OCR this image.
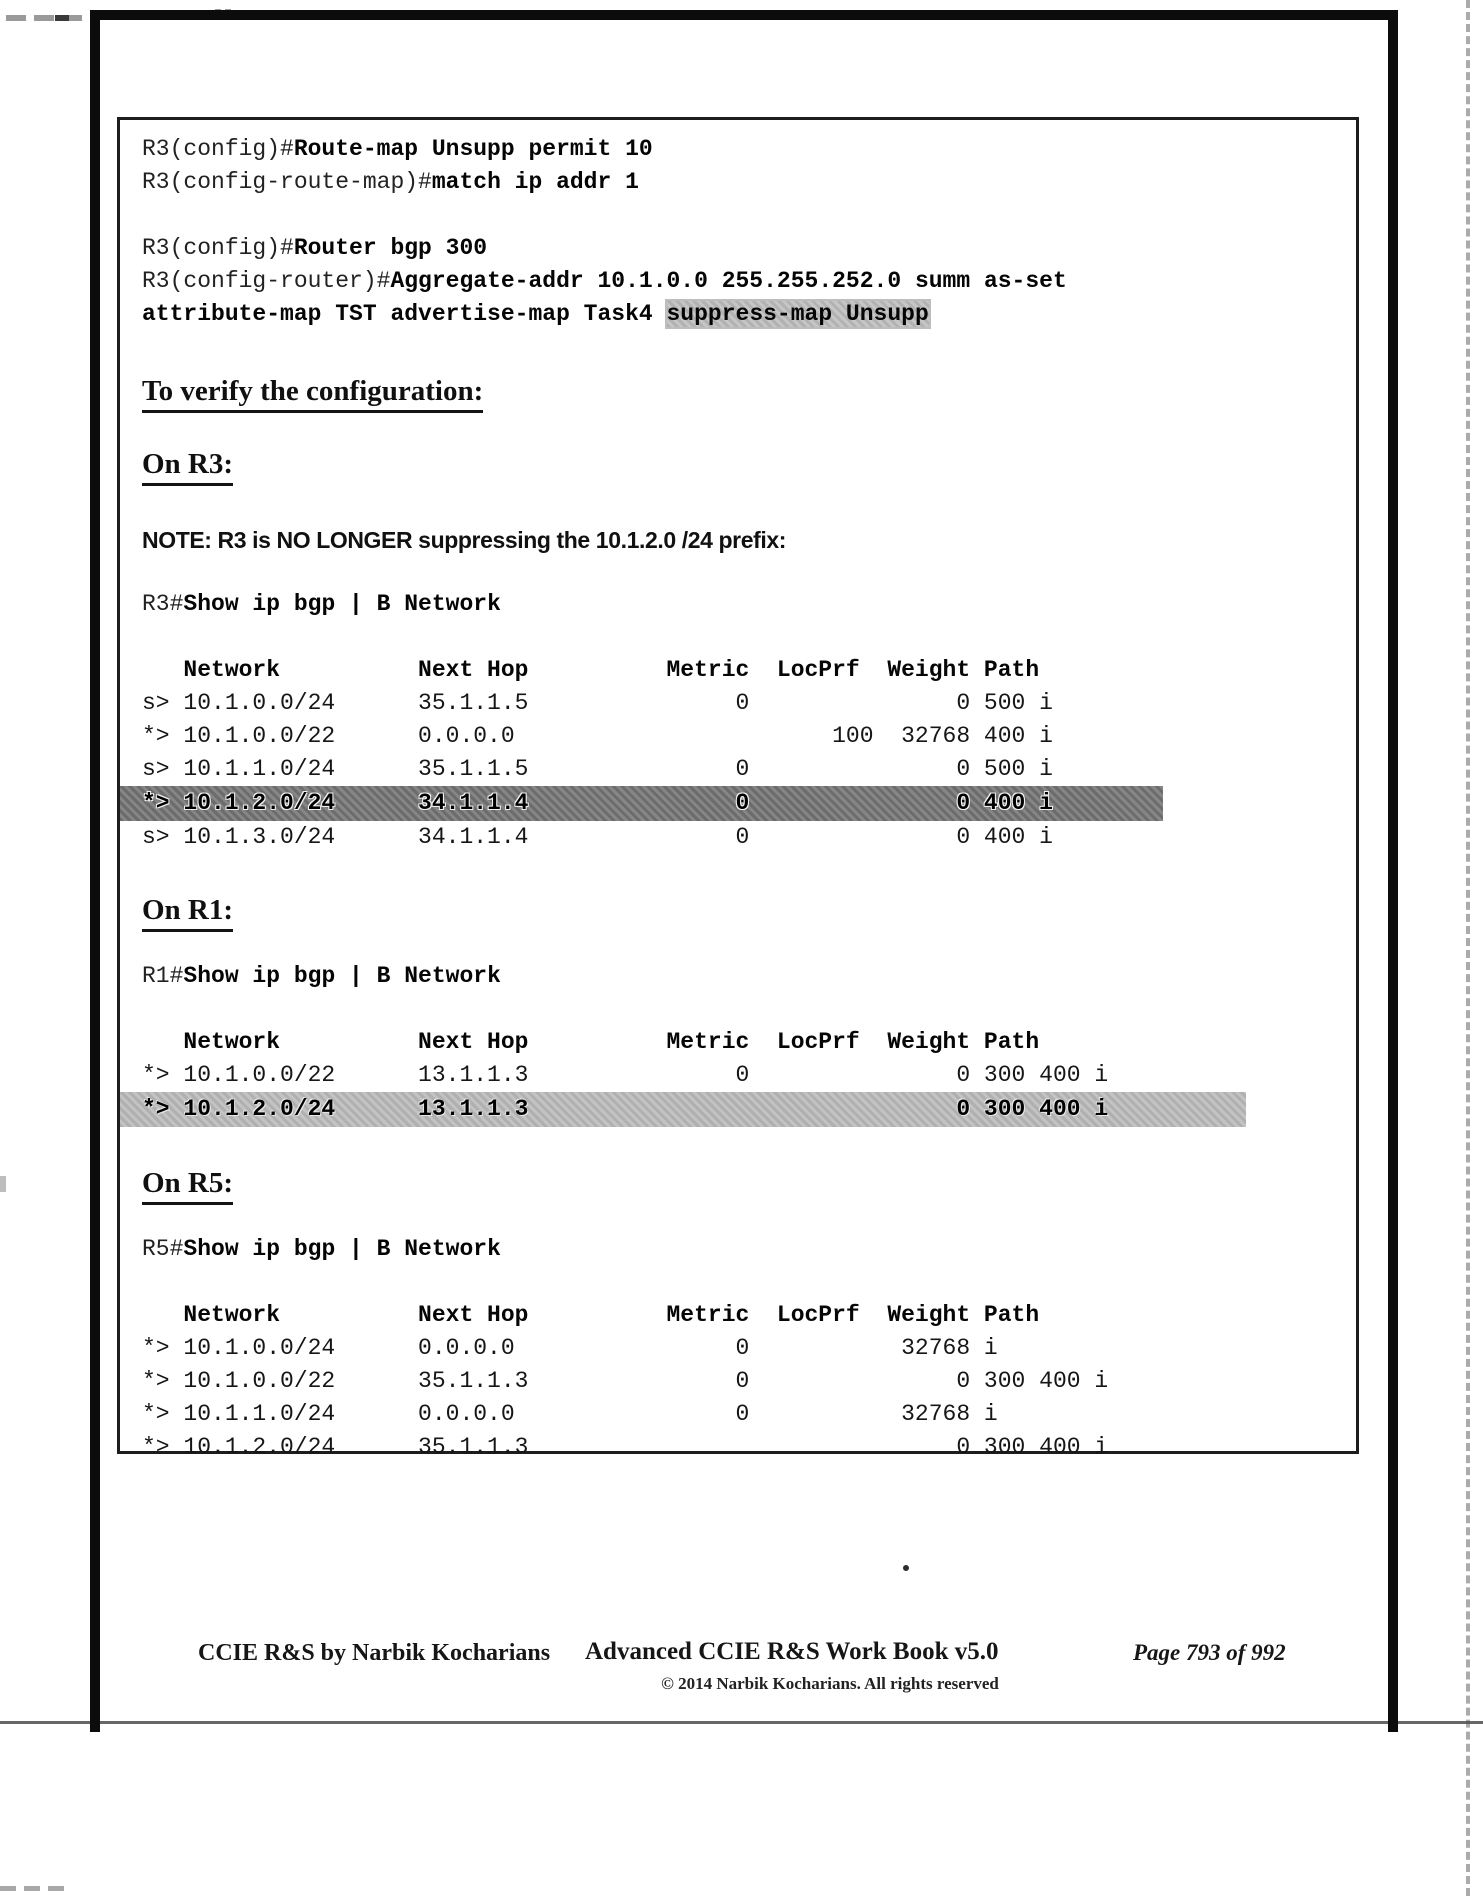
R3(config)#Route-map Unsupp permit 10
R3(config-route-map)#match ip addr 1
R3(config)#Router bgp 300
R3(config-router)#Aggregate-addr 10.1.0.0 255.255.252.0 summ as-set
attribute-map TST advertise-map Task4 suppress-map Unsupp
To verify the configuration:
On R3:
NOTE: R3 is NO LONGER suppressing the 10.1.2.0 /24 prefix:
R3#Show ip bgp | B Network
Network          Next Hop          Metric  LocPrf  Weight Path
s> 10.1.0.0/24      35.1.1.5               0               0 500 i
*> 10.1.0.0/22      0.0.0.0                       100  32768 400 i
s> 10.1.1.0/24      35.1.1.5               0               0 500 i
*> 10.1.2.0/24      34.1.1.4               0               0 400 i
s> 10.1.3.0/24      34.1.1.4               0               0 400 i
On R1:
R1#Show ip bgp | B Network
Network          Next Hop          Metric  LocPrf  Weight Path
*> 10.1.0.0/22      13.1.1.3               0               0 300 400 i
*> 10.1.2.0/24      13.1.1.3                               0 300 400 i
On R5:
R5#Show ip bgp | B Network
Network          Next Hop          Metric  LocPrf  Weight Path
*> 10.1.0.0/24      0.0.0.0                0           32768 i
*> 10.1.0.0/22      35.1.1.3               0               0 300 400 i
*> 10.1.1.0/24      0.0.0.0                0           32768 i
*> 10.1.2.0/24      35.1.1.3                               0 300 400 i
CCIE R&S by Narbik Kocharians Advanced CCIE R&S Work Book v5.0
© 2014 Narbik Kocharians. All rights reserved
Page 793 of 992
